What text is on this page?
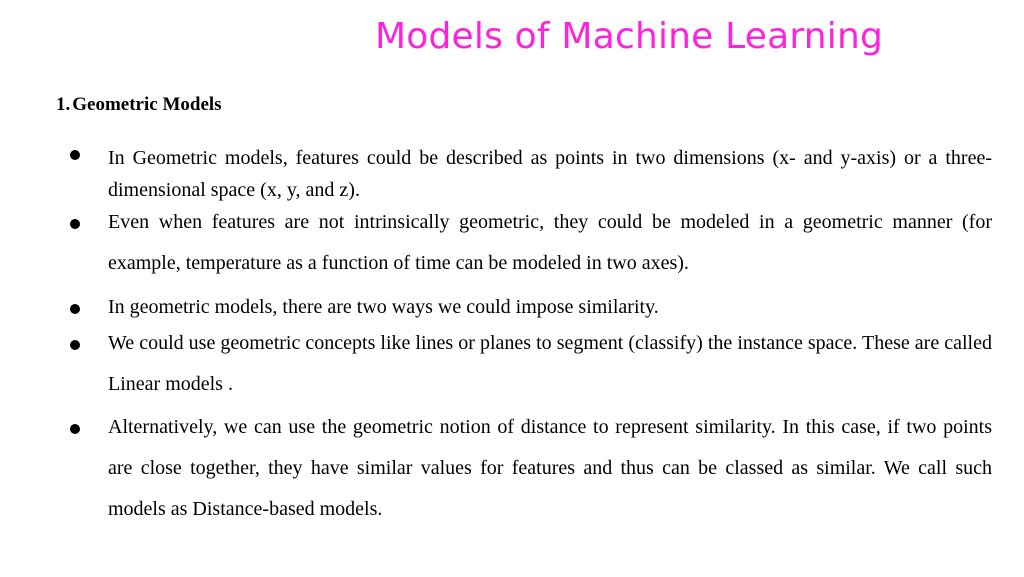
Models of Machine Learning
1. Geometric Models

In Geometric models, features could be described as points in two dimensions (x- and y-axis) or a three-dimensional space (x, y, and z).

Even when features are not intrinsically geometric, they could be modeled in a geometric manner (for example, temperature as a function of time can be modeled in two axes).

In geometric models, there are two ways we could impose similarity.

We could use geometric concepts like lines or planes to segment (classify) the instance space. These are called Linear models .

Alternatively, we can use the geometric notion of distance to represent similarity. In this case, if two points are close together, they have similar values for features and thus can be classed as similar. We call such models as Distance-based models.
